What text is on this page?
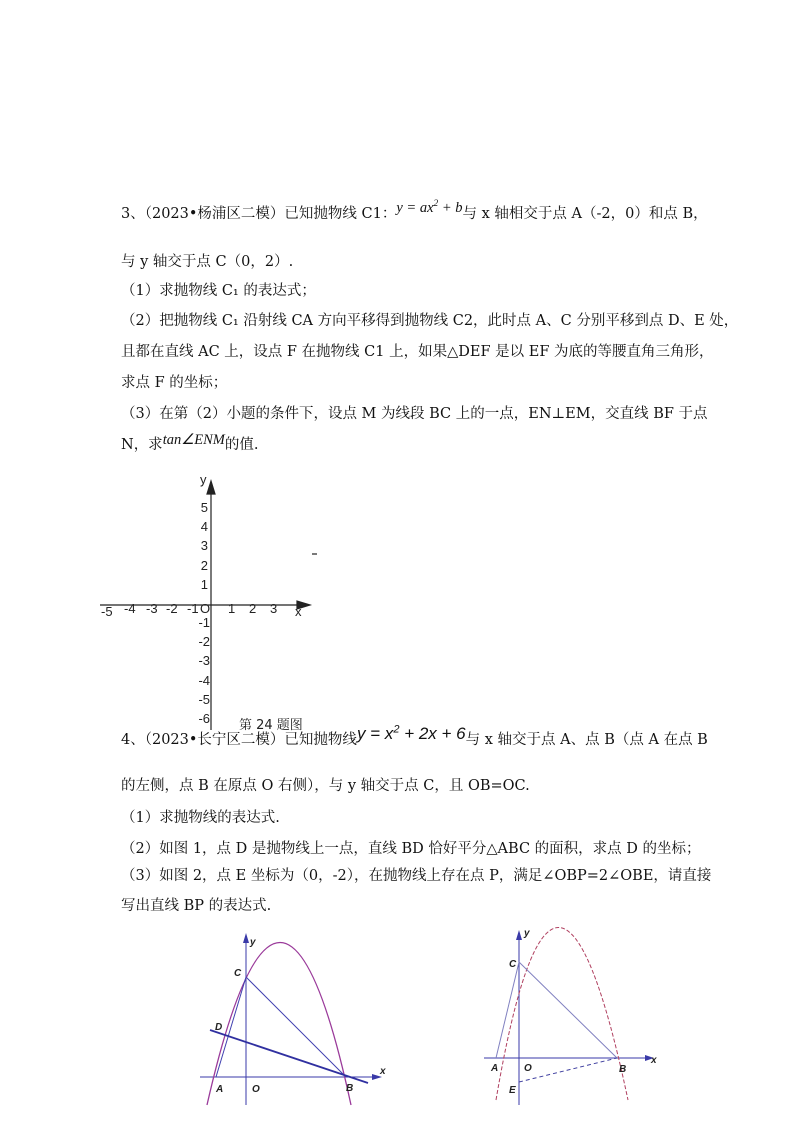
3、（2023•杨浦区二模）已知抛物线 C1：$y = ax^2 + b$与 x 轴相交于点 A（-2，0）和点 B，
与 y 轴交于点 C（0，2）.
（1）求抛物线 C₁ 的表达式；
（2）把抛物线 C₁ 沿射线 CA 方向平移得到抛物线 C2，此时点 A、C 分别平移到点 D、E 处，
且都在直线 AC 上，设点 F 在抛物线 C1 上，如果△DEF 是以 EF 为底的等腰直角三角形，
求点 F 的坐标；
（3）在第（2）小题的条件下，设点 M 为线段 BC 上的一点，EN⊥EM，交直线 BF 于点
N，求tan∠ENM的值.
y
x
5
4
3
2
1
-1
-2
-3
-4
-5
-6
-5 -4 -3 -2 -1 O 1 2 3
第 24 题图
y
x
C
D
A	O	B
y
x
C
A	O	B
E
4、（2023•长宁区二模）已知抛物线$y = x^2 + 2x + 6$与 x 轴交于点 A、点 B（点 A 在点 B
的左侧，点 B 在原点 O 右侧），与 y 轴交于点 C，且 OB=OC.
（1）求抛物线的表达式.
（2）如图 1，点 D 是抛物线上一点，直线 BD 恰好平分△ABC 的面积，求点 D 的坐标；
（3）如图 2，点 E 坐标为（0，-2），在抛物线上存在点 P，满足∠OBP=2∠OBE，请直接
写出直线 BP 的表达式.
